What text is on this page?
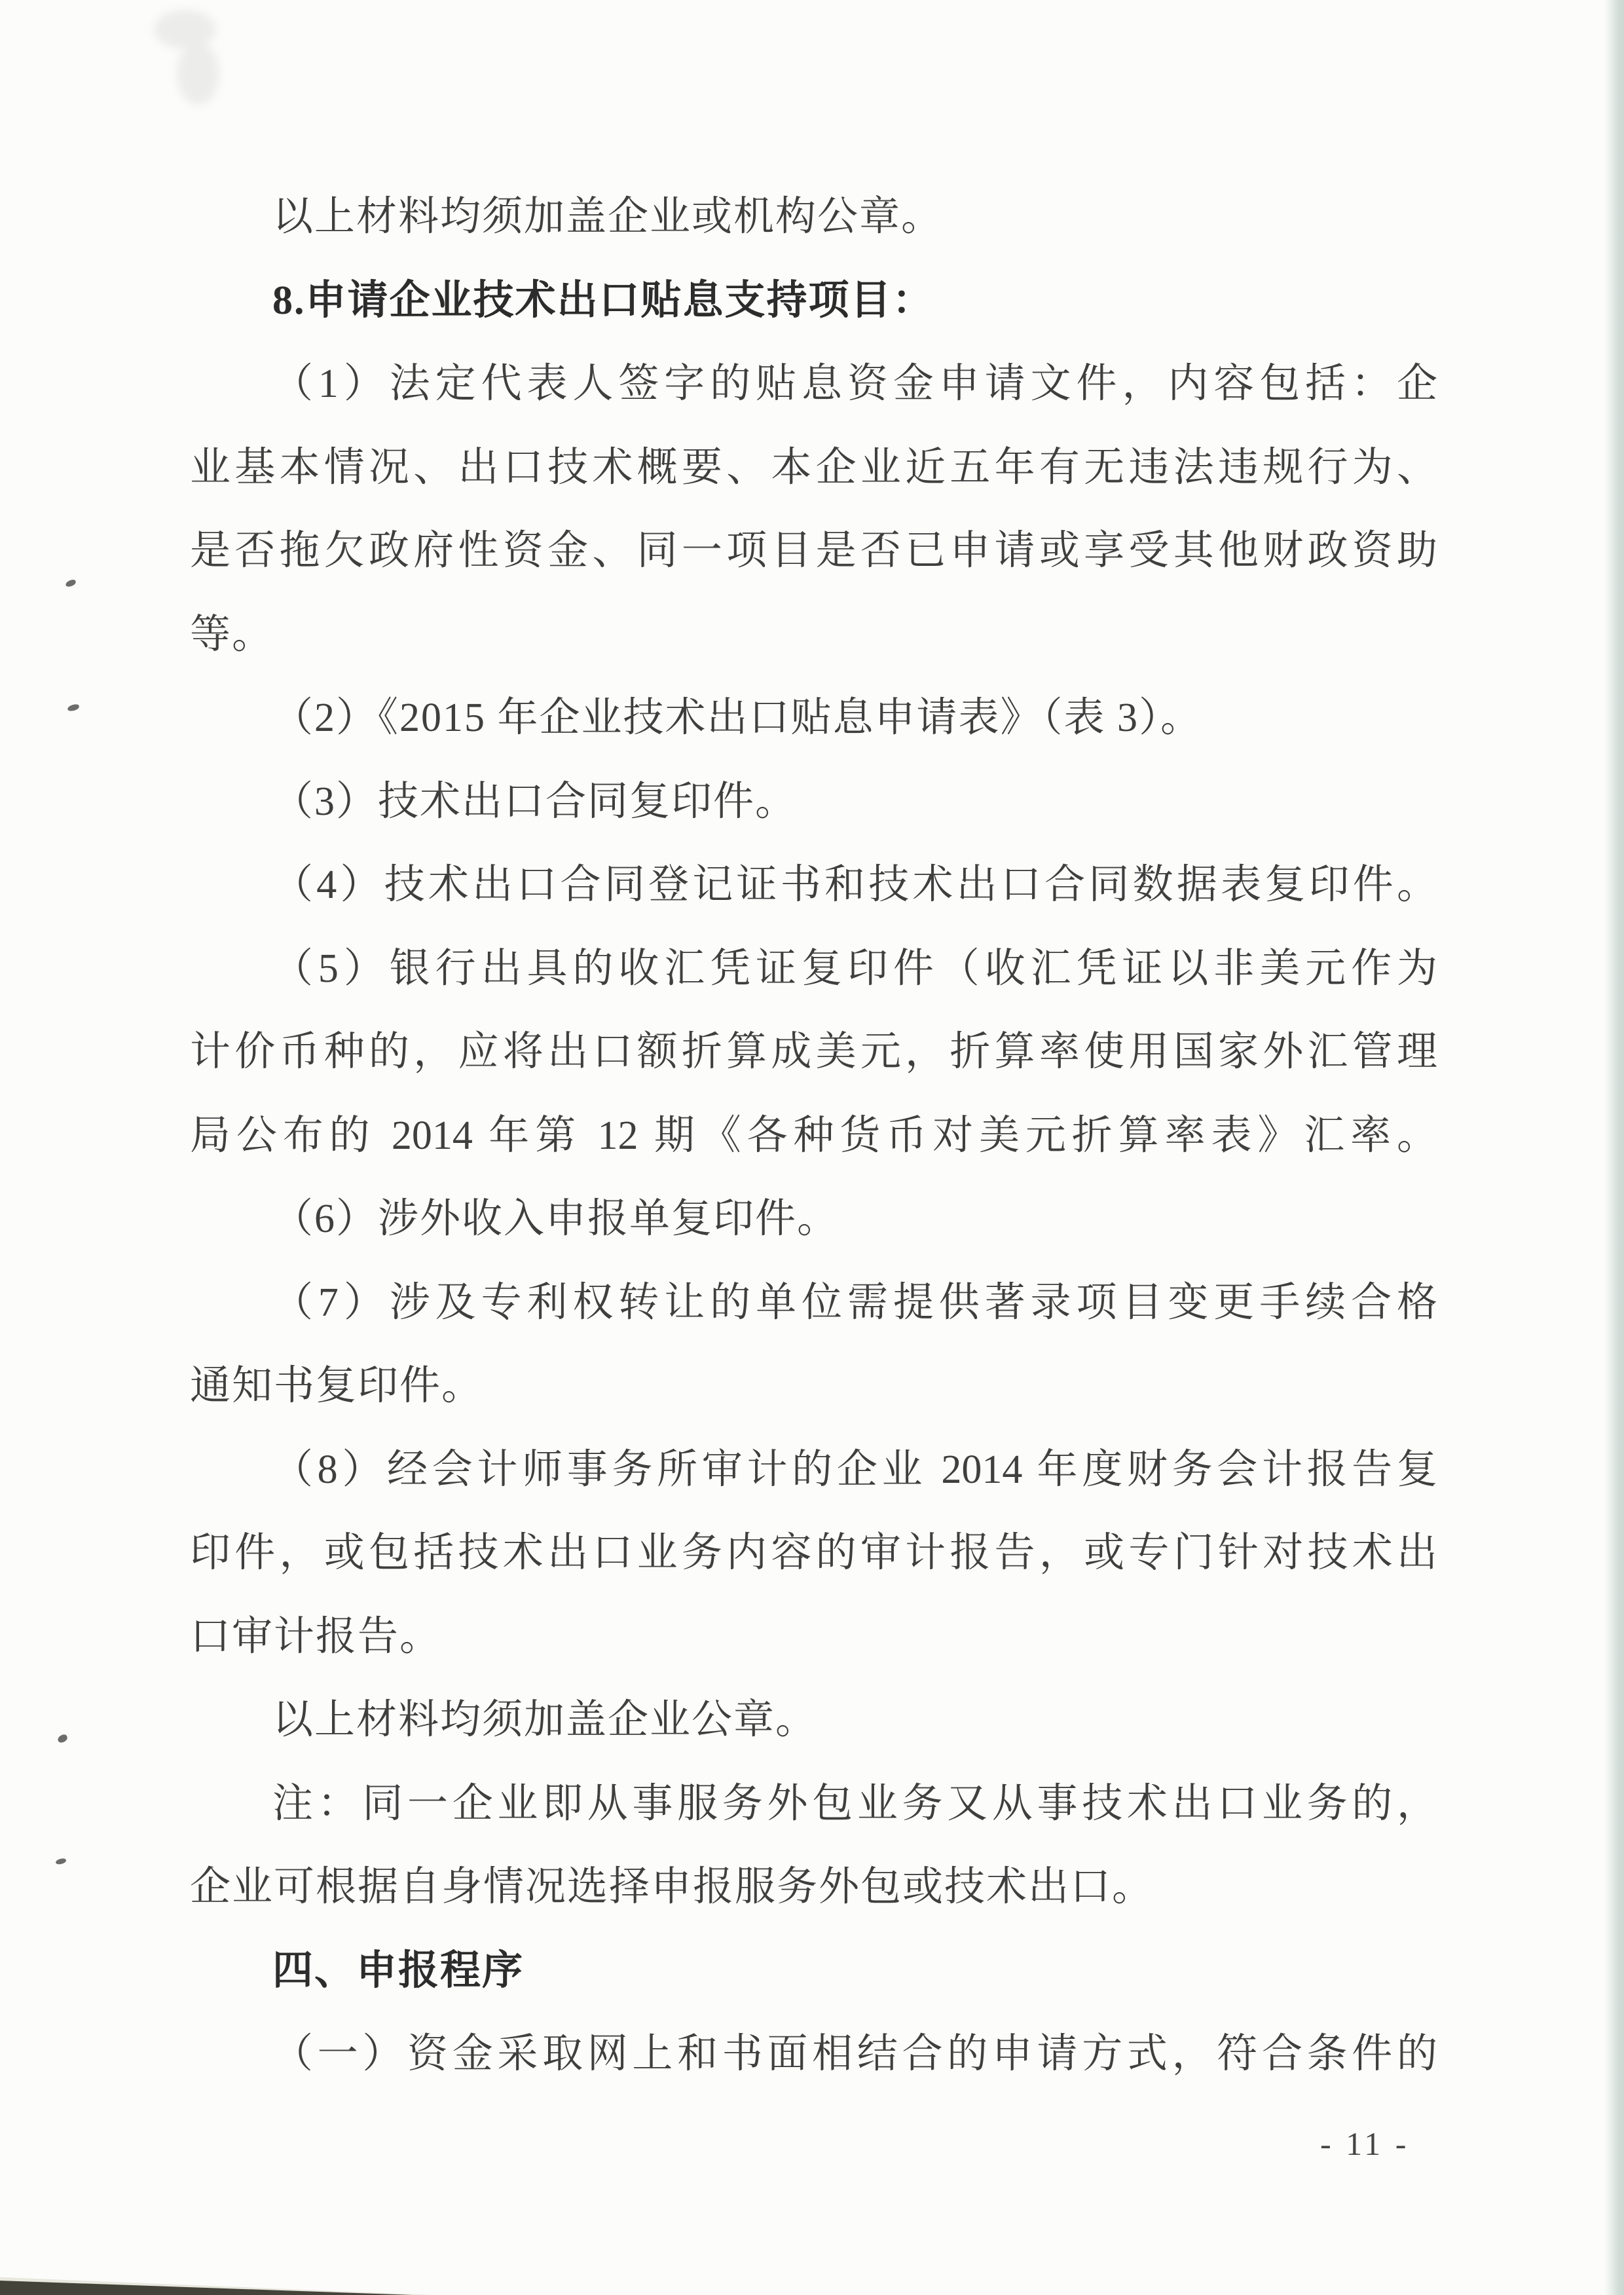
以上材料均须加盖企业或机构公章。
8.申请企业技术出口贴息支持项目：
（1）法定代表人签字的贴息资金申请文件，内容包括：企
业基本情况、出口技术概要、本企业近五年有无违法违规行为、
是否拖欠政府性资金、同一项目是否已申请或享受其他财政资助
等。
（2）《2015 年企业技术出口贴息申请表》（表 3）。
（3）技术出口合同复印件。
（4）技术出口合同登记证书和技术出口合同数据表复印件。
（5）银行出具的收汇凭证复印件（收汇凭证以非美元作为
计价币种的，应将出口额折算成美元，折算率使用国家外汇管理
局公布的 2014 年第 12 期《各种货币对美元折算率表》汇率。
（6）涉外收入申报单复印件。
（7）涉及专利权转让的单位需提供著录项目变更手续合格
通知书复印件。
（8）经会计师事务所审计的企业 2014 年度财务会计报告复
印件，或包括技术出口业务内容的审计报告，或专门针对技术出
口审计报告。
以上材料均须加盖企业公章。
注：同一企业即从事服务外包业务又从事技术出口业务的，
企业可根据自身情况选择申报服务外包或技术出口。
四、申报程序
（一）资金采取网上和书面相结合的申请方式，符合条件的
- 11 -
